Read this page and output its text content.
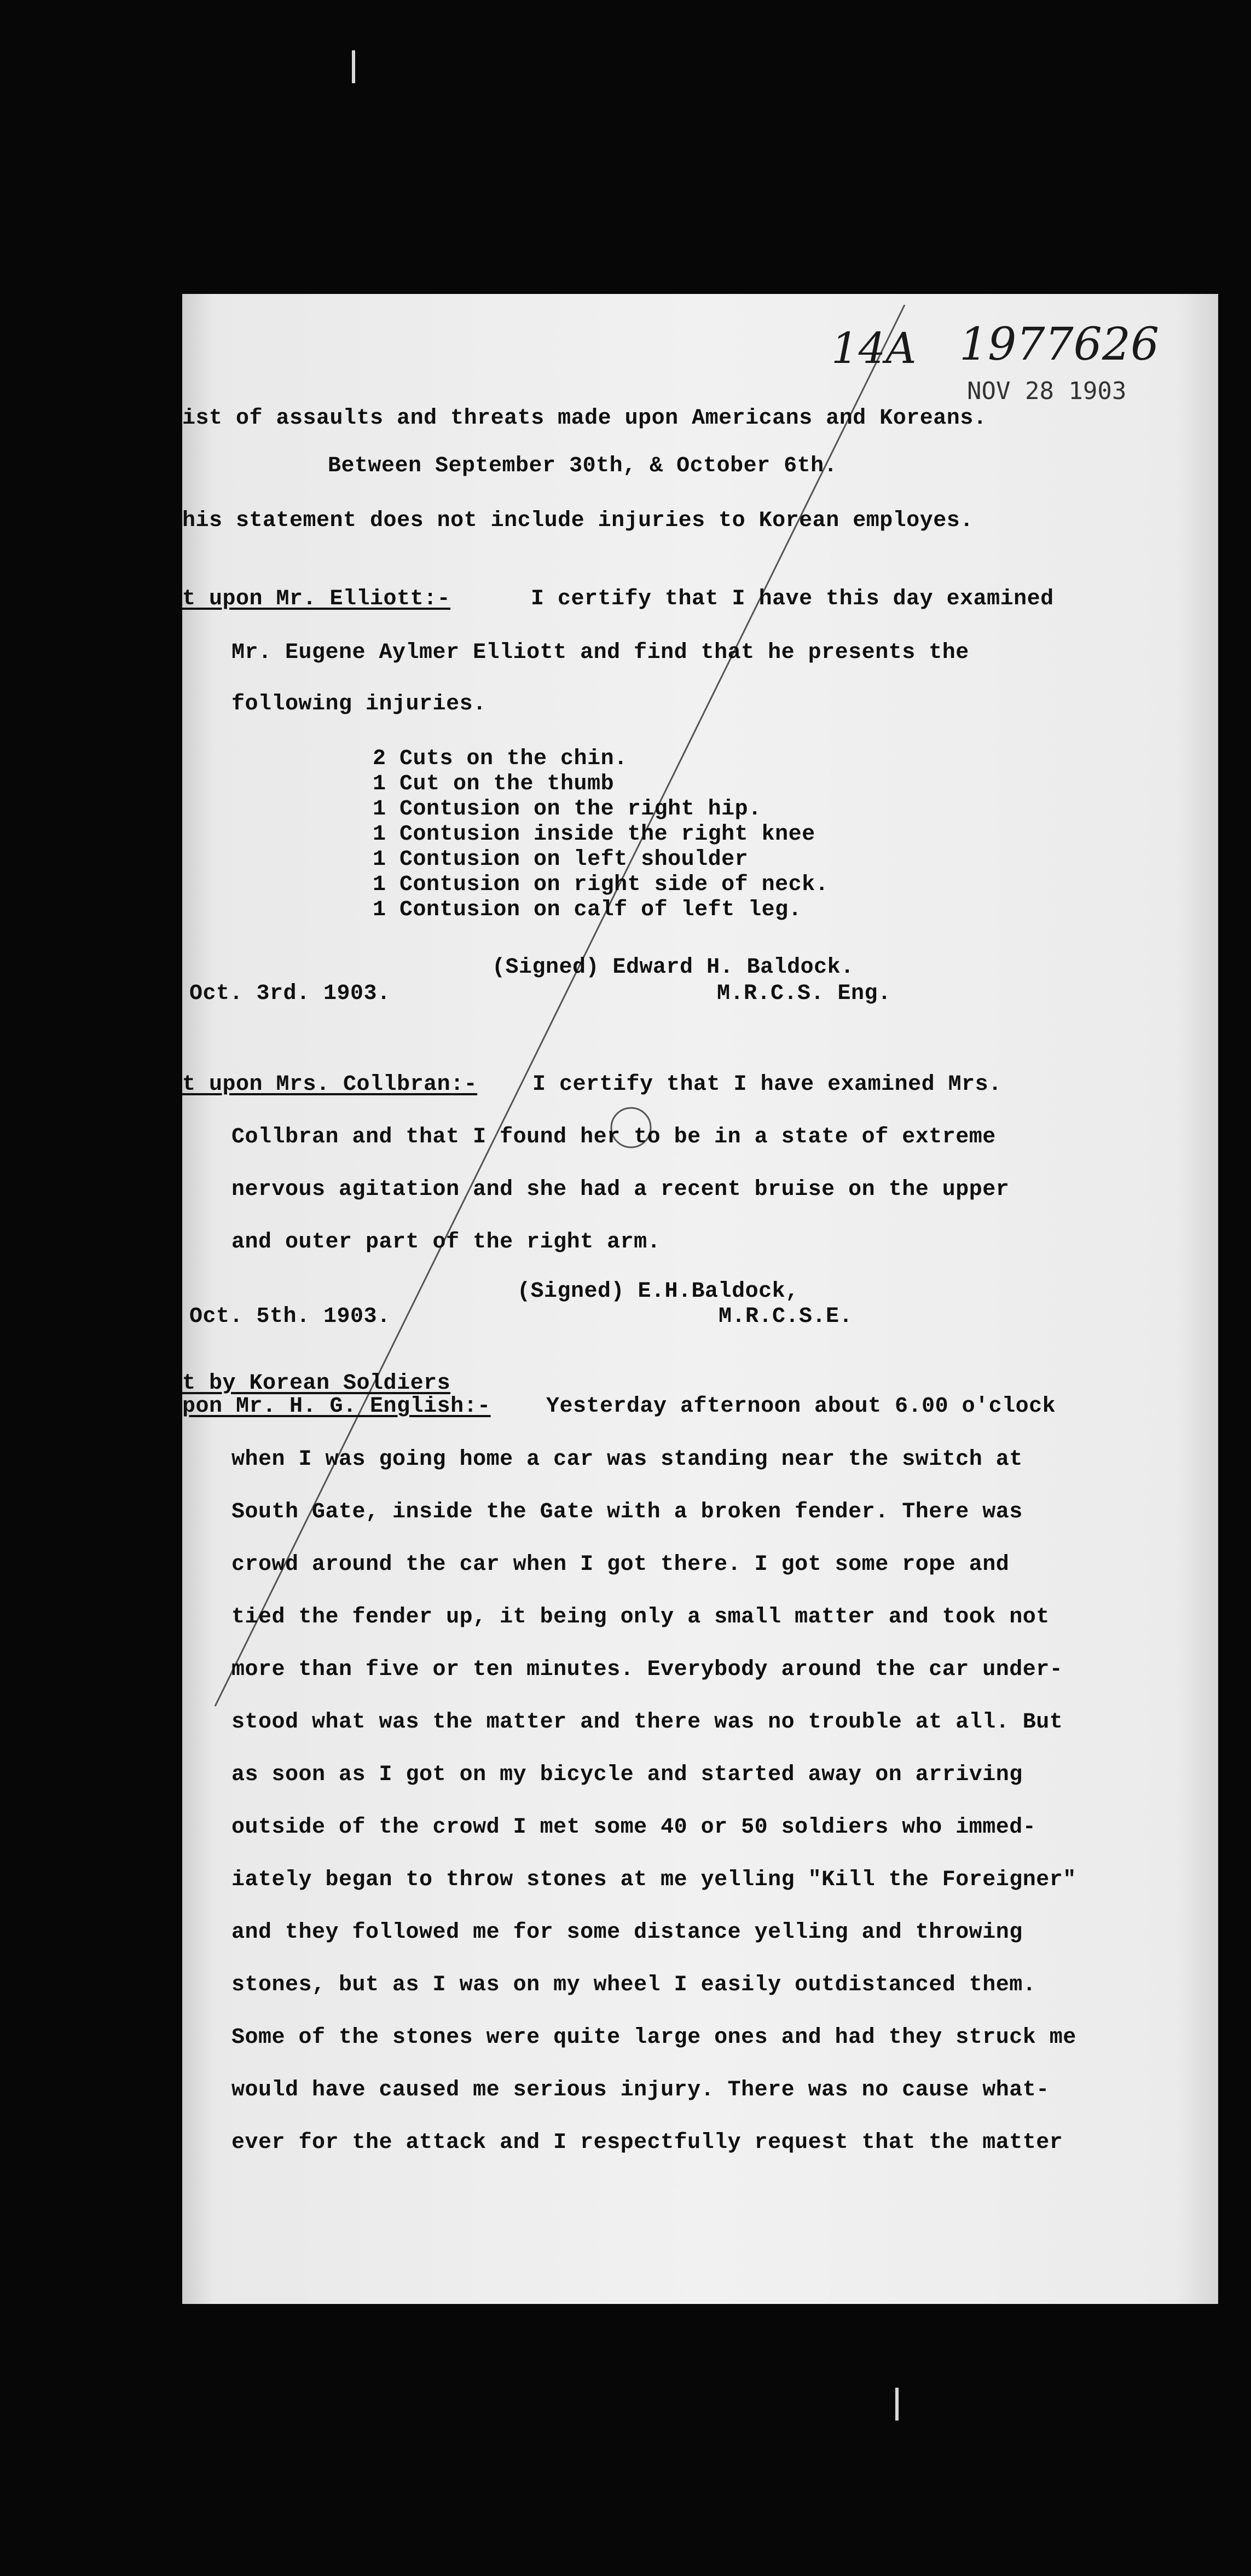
14A 1977626
NOV 28 1903
ist of assaults and threats made upon Americans and Koreans.
Between September 30th, & October 6th.
his statement does not include injuries to Korean employes.
t upon Mr. Elliott:-	I certify that I have this day examined
Mr. Eugene Aylmer Elliott and find that he presents the
following injuries.
2 Cuts on the chin.
1 Cut on the thumb
1 Contusion on the right hip.
1 Contusion inside the right knee
1 Contusion on left shoulder
1 Contusion on right side of neck.
1 Contusion on calf of left leg.
(Signed) Edward H. Baldock.
Oct. 3rd. 1903.	M.R.C.S. Eng.
t upon Mrs. Collbran:-	I certify that I have examined Mrs.
Collbran and that I found her to be in a state of extreme
nervous agitation and she had a recent bruise on the upper
and outer part of the right arm.
(Signed) E.H.Baldock,
Oct. 5th. 1903.	M.R.C.S.E.
t by Korean Soldiers
pon Mr. H. G. English:-	Yesterday afternoon about 6.00 o'clock
when I was going home a car was standing near the switch at
South Gate, inside the Gate with a broken fender. There was
crowd around the car when I got there. I got some rope and
tied the fender up, it being only a small matter and took not
more than five or ten minutes. Everybody around the car under-
stood what was the matter and there was no trouble at all. But
as soon as I got on my bicycle and started away on arriving
outside of the crowd I met some 40 or 50 soldiers who immed-
iately began to throw stones at me yelling "Kill the Foreigner"
and they followed me for some distance yelling and throwing
stones, but as I was on my wheel I easily outdistanced them.
Some of the stones were quite large ones and had they struck me
would have caused me serious injury. There was no cause what-
ever for the attack and I respectfully request that the matter
